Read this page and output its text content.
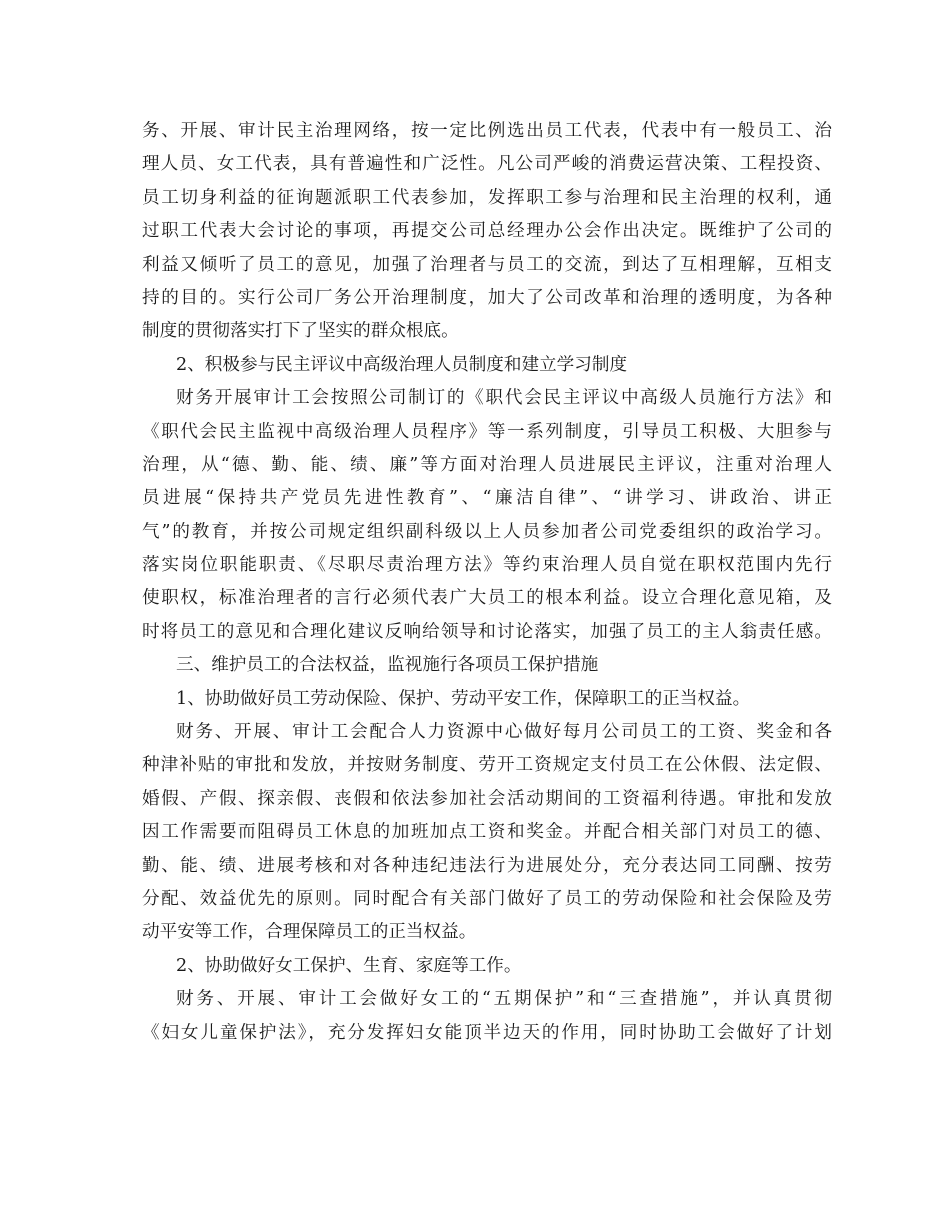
务、开展、审计民主治理网络，按一定比例选出员工代表，代表中有一般员工、治
理人员、女工代表，具有普遍性和广泛性。凡公司严峻的消费运营决策、工程投资、
员工切身利益的征询题派职工代表参加，发挥职工参与治理和民主治理的权利，通
过职工代表大会讨论的事项，再提交公司总经理办公会作出决定。既维护了公司的
利益又倾听了员工的意见，加强了治理者与员工的交流，到达了互相理解，互相支
持的目的。实行公司厂务公开治理制度，加大了公司改革和治理的透明度，为各种
制度的贯彻落实打下了坚实的群众根底。
2、积极参与民主评议中高级治理人员制度和建立学习制度
财务开展审计工会按照公司制订的《职代会民主评议中高级人员施行方法》和
《职代会民主监视中高级治理人员程序》等一系列制度，引导员工积极、大胆参与
治理，从“德、勤、能、绩、廉”等方面对治理人员进展民主评议，注重对治理人
员进展“保持共产党员先进性教育”、“廉洁自律”、“讲学习、讲政治、讲正
气”的教育，并按公司规定组织副科级以上人员参加者公司党委组织的政治学习。
落实岗位职能职责、《尽职尽责治理方法》等约束治理人员自觉在职权范围内先行
使职权，标准治理者的言行必须代表广大员工的根本利益。设立合理化意见箱，及
时将员工的意见和合理化建议反响给领导和讨论落实，加强了员工的主人翁责任感。
三、维护员工的合法权益，监视施行各项员工保护措施
1、协助做好员工劳动保险、保护、劳动平安工作，保障职工的正当权益。
财务、开展、审计工会配合人力资源中心做好每月公司员工的工资、奖金和各
种津补贴的审批和发放，并按财务制度、劳开工资规定支付员工在公休假、法定假、
婚假、产假、探亲假、丧假和依法参加社会活动期间的工资福利待遇。审批和发放
因工作需要而阻碍员工休息的加班加点工资和奖金。并配合相关部门对员工的德、
勤、能、绩、进展考核和对各种违纪违法行为进展处分，充分表达同工同酬、按劳
分配、效益优先的原则。同时配合有关部门做好了员工的劳动保险和社会保险及劳
动平安等工作，合理保障员工的正当权益。
2、协助做好女工保护、生育、家庭等工作。
财务、开展、审计工会做好女工的“五期保护”和“三查措施”，并认真贯彻
《妇女儿童保护法》，充分发挥妇女能顶半边天的作用，同时协助工会做好了计划
